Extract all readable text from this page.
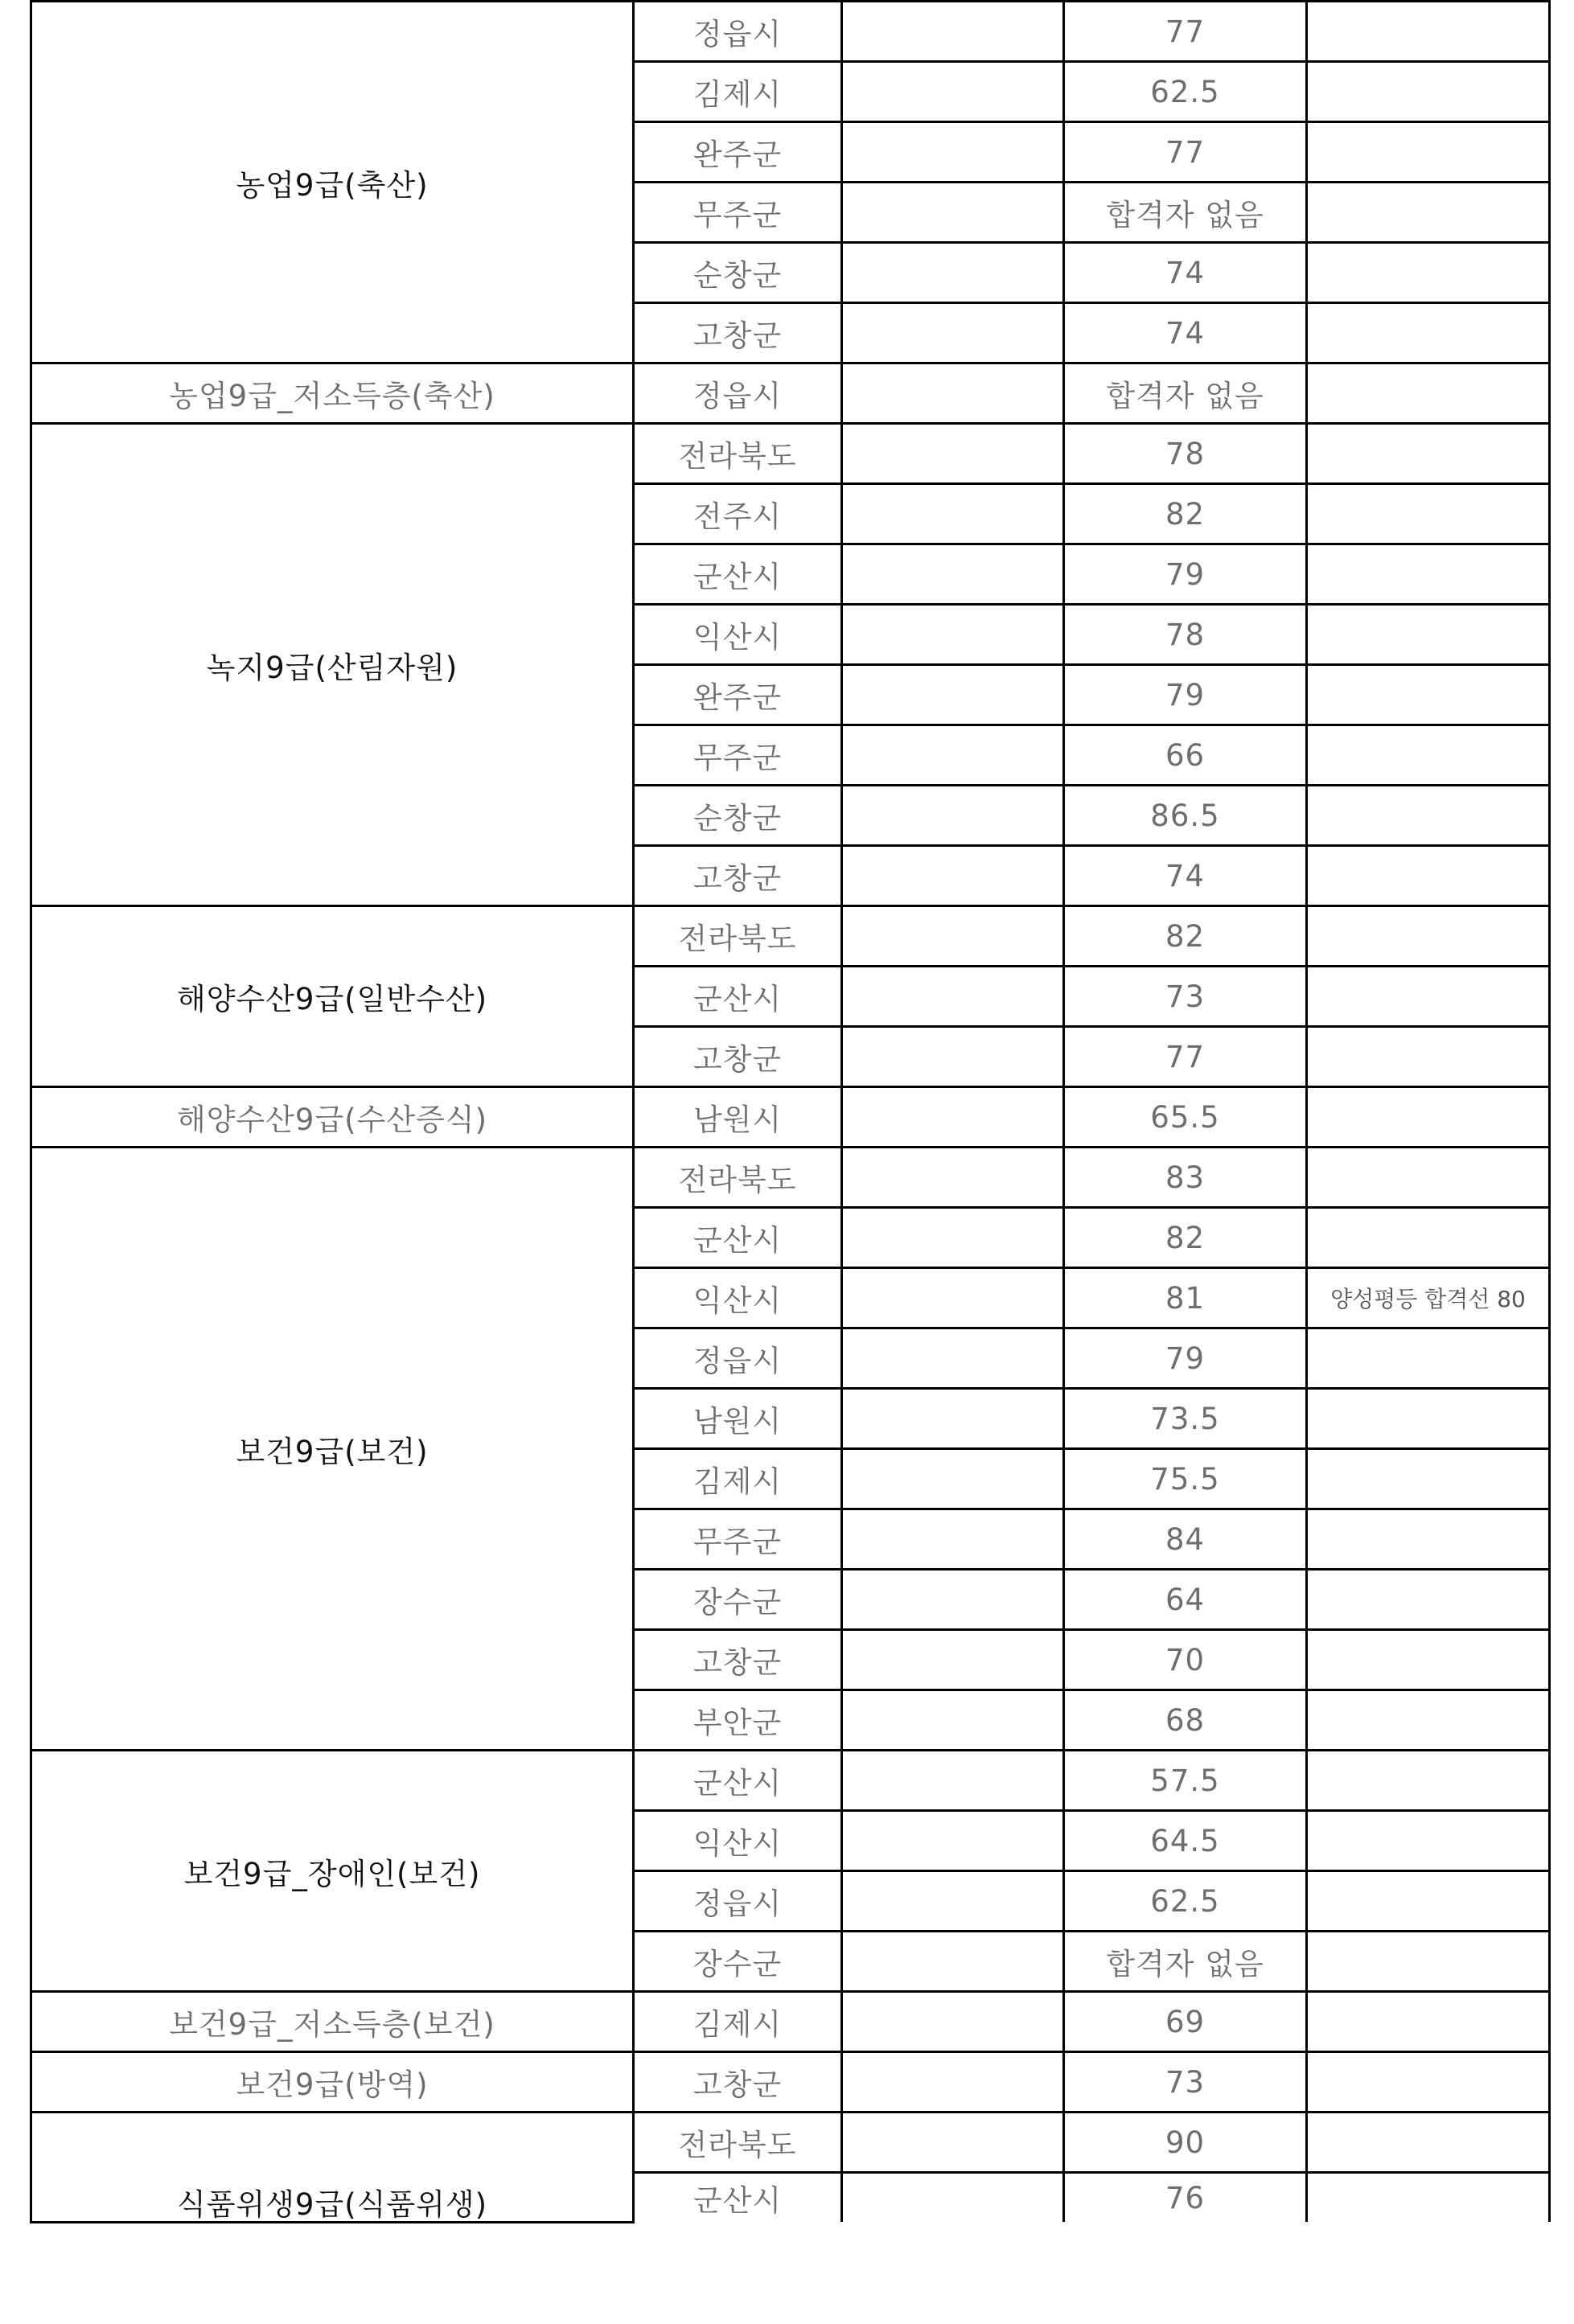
농업9급(축산)	정읍시		77	
	김제시		62.5	
	완주군		77	
	무주군		합격자 없음	
	순창군		74	
	고창군		74	
농업9급_저소득층(축산)	정읍시		합격자 없음	
녹지9급(산림자원)	전라북도		78	
	전주시		82	
	군산시		79	
	익산시		78	
	완주군		79	
	무주군		66	
	순창군		86.5	
	고창군		74	
해양수산9급(일반수산)	전라북도		82	
	군산시		73	
	고창군		77	
해양수산9급(수산증식)	남원시		65.5	
보건9급(보건)	전라북도		83	
	군산시		82	
	익산시		81	양성평등 합격선 80
	정읍시		79	
	남원시		73.5	
	김제시		75.5	
	무주군		84	
	장수군		64	
	고창군		70	
	부안군		68	
보건9급_장애인(보건)	군산시		57.5	
	익산시		64.5	
	정읍시		62.5	
	장수군		합격자 없음	
보건9급_저소득층(보건)	김제시		69	
보건9급(방역)	고창군		73	
식품위생9급(식품위생)	전라북도		90	
	군산시		76	
